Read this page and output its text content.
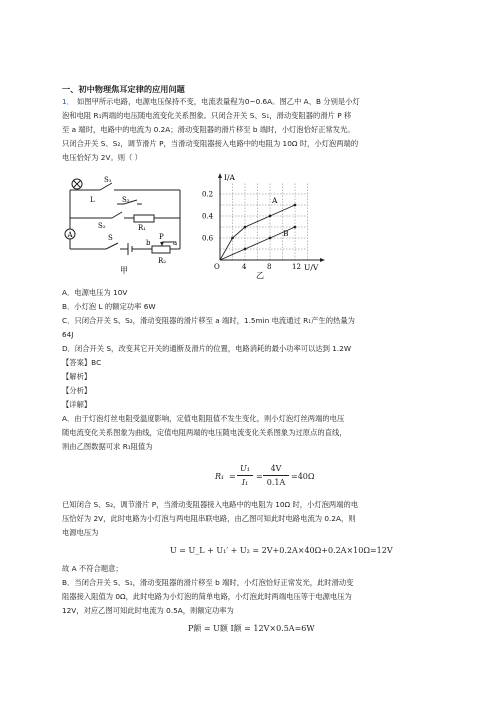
一、初中物理焦耳定律的应用问题
1． 如图甲所示电路，电源电压保持不变，电流表量程为0~0.6A。图乙中 A、B 分别是小灯
泡和电阻 R₁两端的电压随电流变化关系图象。只闭合开关 S、S₁，滑动变阻器的滑片 P 移
至 a 端时，电路中的电流为 0.2A；滑动变阻器的滑片移至 b 端时，小灯泡恰好正常发光。
只闭合开关 S、S₂，调节滑片 P，当滑动变阻器接入电路中的电阻为 10Ω 时，小灯泡两端的
电压恰好为 2V。则（ ）
A
S₁
L	S₂
S₂	R₁
S
b
P
a
R₂
甲
0.6
0.4
0.2
O	4	8	12
I/A
U/V
A
B
乙
A．电源电压为 10V
B．小灯泡 L 的额定功率 6W
C．只闭合开关 S、S₂，滑动变阻器的滑片移至 a 端时，1.5min 电流通过 R₁产生的热量为
64J
D．闭合开关 S，改变其它开关的通断及滑片的位置，电路消耗的最小功率可以达到 1.2W
【答案】BC
【解析】
【分析】
【详解】
A．由于灯泡灯丝电阻受温度影响，定值电阻阻值不发生变化，则小灯泡灯丝两端的电压
随电流变化关系图象为曲线，定值电阻两端的电压随电流变化关系图象为过原点的直线，
则由乙图数据可求 R₁阻值为
R₁ =
U₁
I₁
=
4V
0.1A
=40Ω
已知闭合 S、S₂，调节滑片 P，当滑动变阻器接入电路中的电阻为 10Ω 时，小灯泡两端的电
压恰好为 2V，此时电路为小灯泡与两电阻串联电路，由乙图可知此时电路电流为 0.2A，则
电源电压为
U = U_L + U₁′ + U₂ = 2V+0.2A×40Ω+0.2A×10Ω=12V
故 A 不符合题意；
B．当闭合开关 S、S₁，滑动变阻器的滑片移至 b 端时，小灯泡恰好正常发光，此时滑动变
阻器接入阻值为 0Ω，此时电路为小灯泡的简单电路，小灯泡此时两端电压等于电源电压为
12V，对应乙图可知此时电流为 0.5A，则额定功率为
P额 = U额 I额 = 12V×0.5A=6W
